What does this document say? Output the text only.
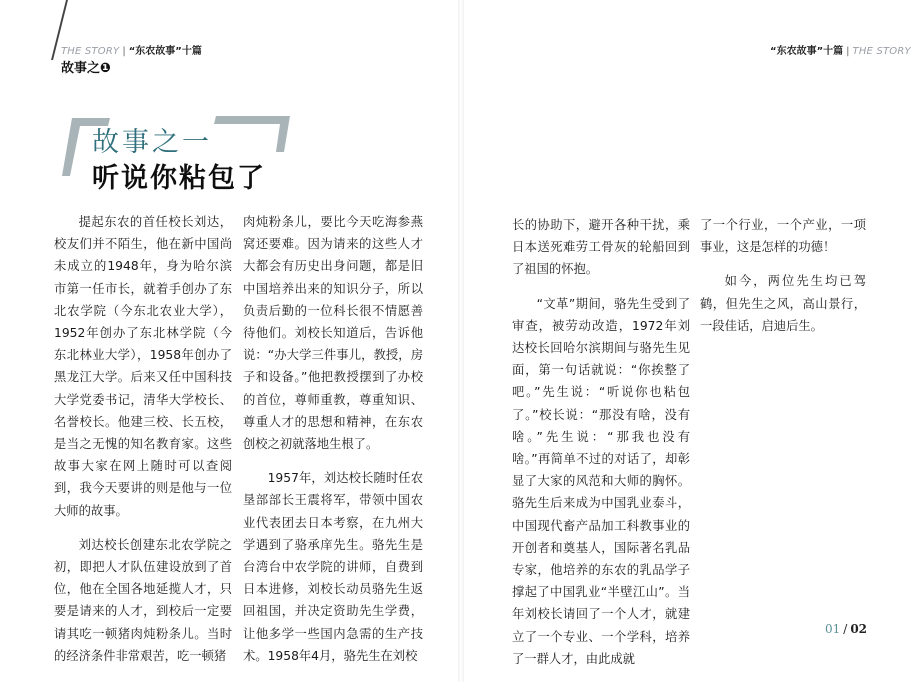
THE STORY | “东农故事”十篇
故事之❶
“东农故事”十篇 | THE STORY
故事之一
听说你粘包了

提起东农的首任校长刘达，校友们并不陌生，他在新中国尚未成立的1948年，身为哈尔滨市第一任市长，就着手创办了东北农学院（今东北农业大学），1952年创办了东北林学院（今东北林业大学），1958年创办了黑龙江大学。后来又任中国科技大学党委书记，清华大学校长、名誉校长。他建三校、长五校，是当之无愧的知名教育家。这些故事大家在网上随时可以查阅到，我今天要讲的则是他与一位大师的故事。

刘达校长创建东北农学院之初，即把人才队伍建设放到了首位，他在全国各地延揽人才，只要是请来的人才，到校后一定要请其吃一顿猪肉炖粉条儿。当时的经济条件非常艰苦，吃一顿猪

肉炖粉条儿，要比今天吃海参燕窝还要难。因为请来的这些人才大都会有历史出身问题，都是旧中国培养出来的知识分子，所以负责后勤的一位科长很不情愿善待他们。刘校长知道后，告诉他说：“办大学三件事儿，教授，房子和设备。”他把教授摆到了办校的首位，尊师重教，尊重知识、尊重人才的思想和精神，在东农创校之初就落地生根了。

1957年，刘达校长随时任农垦部部长王震将军，带领中国农业代表团去日本考察，在九州大学遇到了骆承庠先生。骆先生是台湾台中农学院的讲师，自费到日本进修，刘校长动员骆先生返回祖国，并决定资助先生学费，让他多学一些国内急需的生产技术。1958年4月，骆先生在刘校

长的协助下，避开各种干扰，乘日本送死难劳工骨灰的轮船回到了祖国的怀抱。

“文革”期间，骆先生受到了审查，被劳动改造，1972年刘达校长回哈尔滨期间与骆先生见面，第一句话就说：“你挨整了吧。”先生说：“听说你也粘包了。”校长说：“那没有啥，没有啥。”先生说：“那我也没有啥。”再简单不过的对话了，却彰显了大家的风范和大师的胸怀。骆先生后来成为中国乳业泰斗，中国现代畜产品加工科教事业的开创者和奠基人，国际著名乳品专家，他培养的东农的乳品学子撑起了中国乳业“半壁江山”。当年刘校长请回了一个人才，就建立了一个专业、一个学科，培养了一群人才，由此成就

了一个行业，一个产业，一项事业，这是怎样的功德！

如今，两位先生均已驾鹤，但先生之风，高山景行，一段佳话，启迪后生。

01 / 02
